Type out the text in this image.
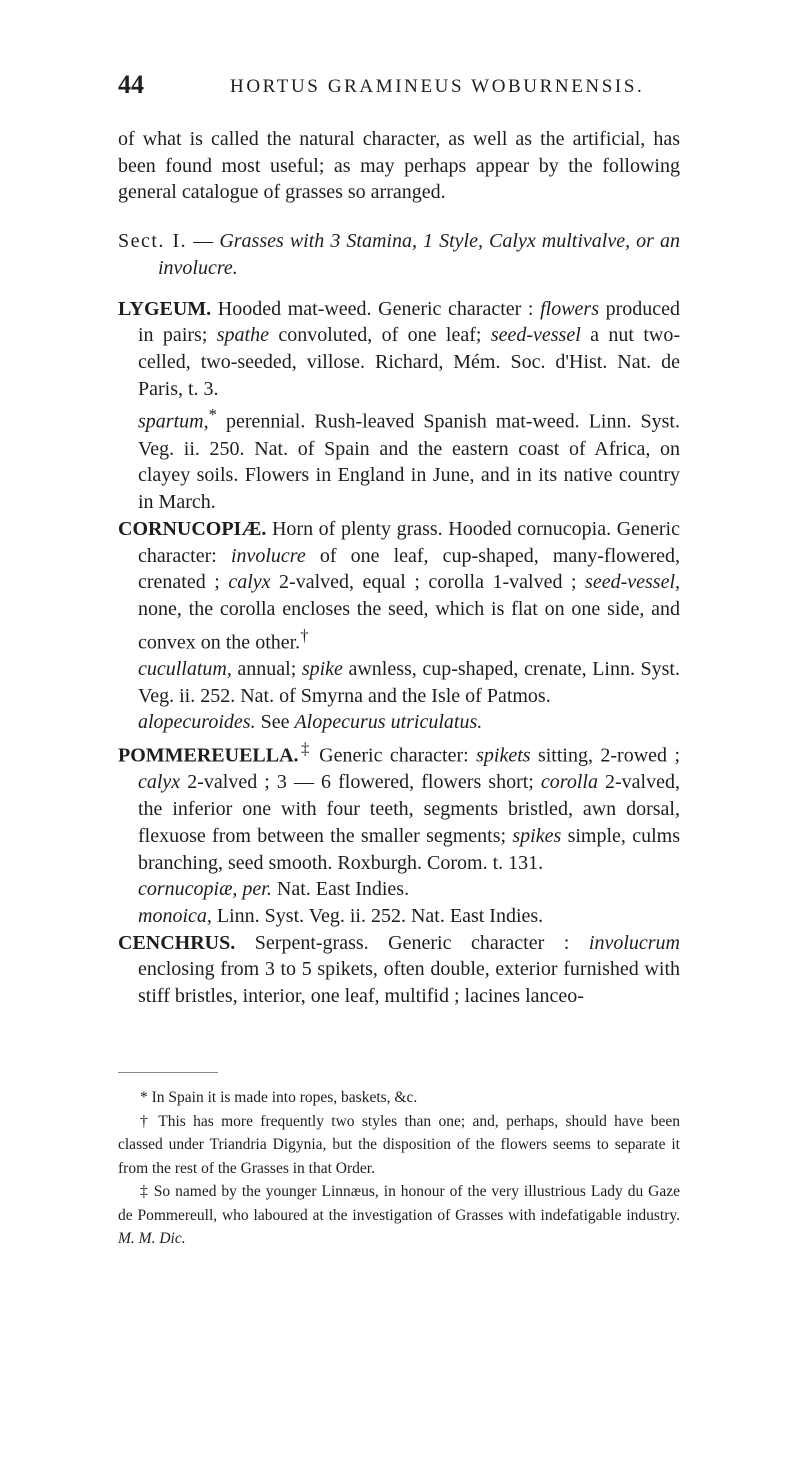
44	HORTUS GRAMINEUS WOBURNENSIS.

of what is called the natural character, as well as the artificial, has been found most useful; as may perhaps appear by the following general catalogue of grasses so arranged.

Sect. I. — Grasses with 3 Stamina, 1 Style, Calyx multivalve, or an involucre.

LYGEUM. Hooded mat-weed. Generic character : flowers produced in pairs; spathe convoluted, of one leaf; seed-vessel a nut two-celled, two-seeded, villose. Richard, Mém. Soc. d'Hist. Nat. de Paris, t. 3.

spartum,* perennial. Rush-leaved Spanish mat-weed. Linn. Syst. Veg. ii. 250. Nat. of Spain and the eastern coast of Africa, on clayey soils. Flowers in England in June, and in its native country in March.

CORNUCOPIÆ. Horn of plenty grass. Hooded cornucopia. Generic character: involucre of one leaf, cup-shaped, many-flowered, crenated ; calyx 2-valved, equal ; corolla 1-valved ; seed-vessel, none, the corolla encloses the seed, which is flat on one side, and convex on the other.†

cucullatum, annual; spike awnless, cup-shaped, crenate, Linn. Syst. Veg. ii. 252. Nat. of Smyrna and the Isle of Patmos.

alopecuroides. See Alopecurus utriculatus.

POMMEREUELLA.‡ Generic character: spikets sitting, 2-rowed ; calyx 2-valved ; 3 — 6 flowered, flowers short; corolla 2-valved, the inferior one with four teeth, segments bristled, awn dorsal, flexuose from between the smaller segments; spikes simple, culms branching, seed smooth. Roxburgh. Corom. t. 131.

cornucopiæ, per. Nat. East Indies.

monoica, Linn. Syst. Veg. ii. 252. Nat. East Indies.

CENCHRUS. Serpent-grass. Generic character : involucrum enclosing from 3 to 5 spikets, often double, exterior furnished with stiff bristles, interior, one leaf, multifid ; lacines lanceo-

* In Spain it is made into ropes, baskets, &c.

† This has more frequently two styles than one; and, perhaps, should have been classed under Triandria Digynia, but the disposition of the flowers seems to separate it from the rest of the Grasses in that Order.

‡ So named by the younger Linnæus, in honour of the very illustrious Lady du Gaze de Pommereull, who laboured at the investigation of Grasses with indefatigable industry. M. M. Dic.
